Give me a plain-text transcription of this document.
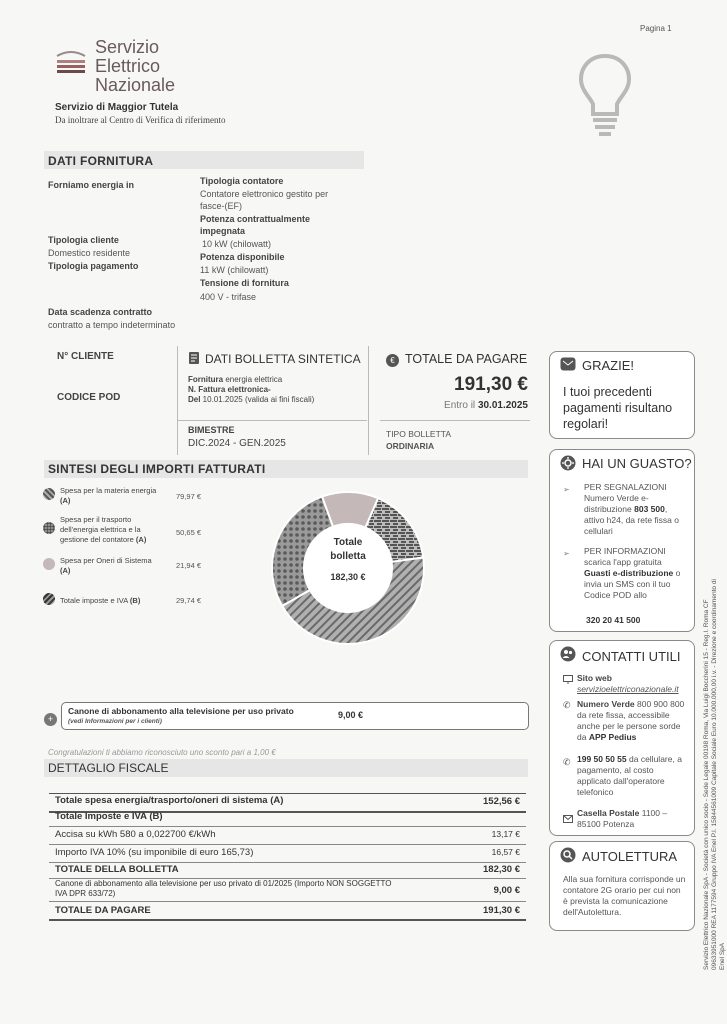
Pagina 1
Servizio
Elettrico
Nazionale
Servizio di Maggior Tutela
Da inoltrare al Centro di Verifica di riferimento
DATI FORNITURA
Forniamo energia in
Tipologia cliente
Domestico residente
Tipologia pagamento
Data scadenza contratto
contratto a tempo indeterminato
Tipologia contatore
Contatore elettronico gestito per fasce-(EF)
Potenza contrattualmente impegnata
10 kW (chilowatt)
Potenza disponibile
11 kW (chilowatt)
Tensione di fornitura
400 V - trifase
N° CLIENTE
CODICE POD
DATI BOLLETTA SINTETICA
Fornitura energia elettrica
N. Fattura elettronica-
Del 10.01.2025 (valida ai fini fiscali)
BIMESTRE
DIC.2024 - GEN.2025
€ TOTALE DA PAGARE
191,30 €
Entro il 30.01.2025
TIPO BOLLETTA
ORDINARIA
SINTESI DEGLI IMPORTI FATTURATI
Spesa per la materia energia (A)	79,97 €
Spesa per il trasporto dell'energia elettrica e la gestione del contatore (A)
50,65 €
Spesa per Oneri di Sistema (A)
21,94 €
Totale imposte e IVA (B)	29,74 €
Totale
bolletta
182,30 €
+
Canone di abbonamento alla televisione per uso privato
(vedi Informazioni per i clienti)
9,00 €
Congratulazioni ti abbiamo riconosciuto uno sconto pari a 1,00 €
DETTAGLIO FISCALE
Totale spesa energia/trasporto/oneri di sistema (A)	152,56 €
Totale Imposte e IVA (B)
Accisa su kWh 580 a 0,022700 €/kWh	13,17 €
Importo IVA 10% (su imponibile di euro 165,73)	16,57 €
TOTALE DELLA BOLLETTA	182,30 €
Canone di abbonamento alla televisione per uso privato di 01/2025 (Importo NON SOGGETTO IVA DPR 633/72)	9,00 €
TOTALE DA PAGARE	191,30 €
GRAZIE!
I tuoi precedenti pagamenti risultano regolari!
HAI UN GUASTO?
➢ PER SEGNALAZIONI
Numero Verde e-distribuzione 803 500, attivo h24, da rete fissa o cellulari
➢ PER INFORMAZIONI
scarica l'app gratuita Guasti e-distribuzione o invia un SMS con il tuo Codice POD allo
320 20 41 500
CONTATTI UTILI
Sito web
servizioelettriconazionale.it
✆ Numero Verde 800 900 800
da rete fissa, accessibile anche per le persone sorde da APP Pedius
✆ 199 50 50 55 da cellulare, a pagamento, al costo applicato dall'operatore telefonico
Casella Postale 1100 – 85100 Potenza
AUTOLETTURA
Alla sua fornitura corrisponde un contatore 2G orario per cui non è prevista la comunicazione dell'Autolettura.	Servizio Elettrico Nazionale SpA - Società con unico socio - Sede Legale 00198 Roma, Via Luigi Boccherini 15 - Reg.I. Roma CF 09633951000 REA 1177594 Gruppo IVA Enel P.I. 15844561009 Capitale Sociale Euro 10.000.000,00 i.v. - Direzione e coordinamento di Enel SpA
